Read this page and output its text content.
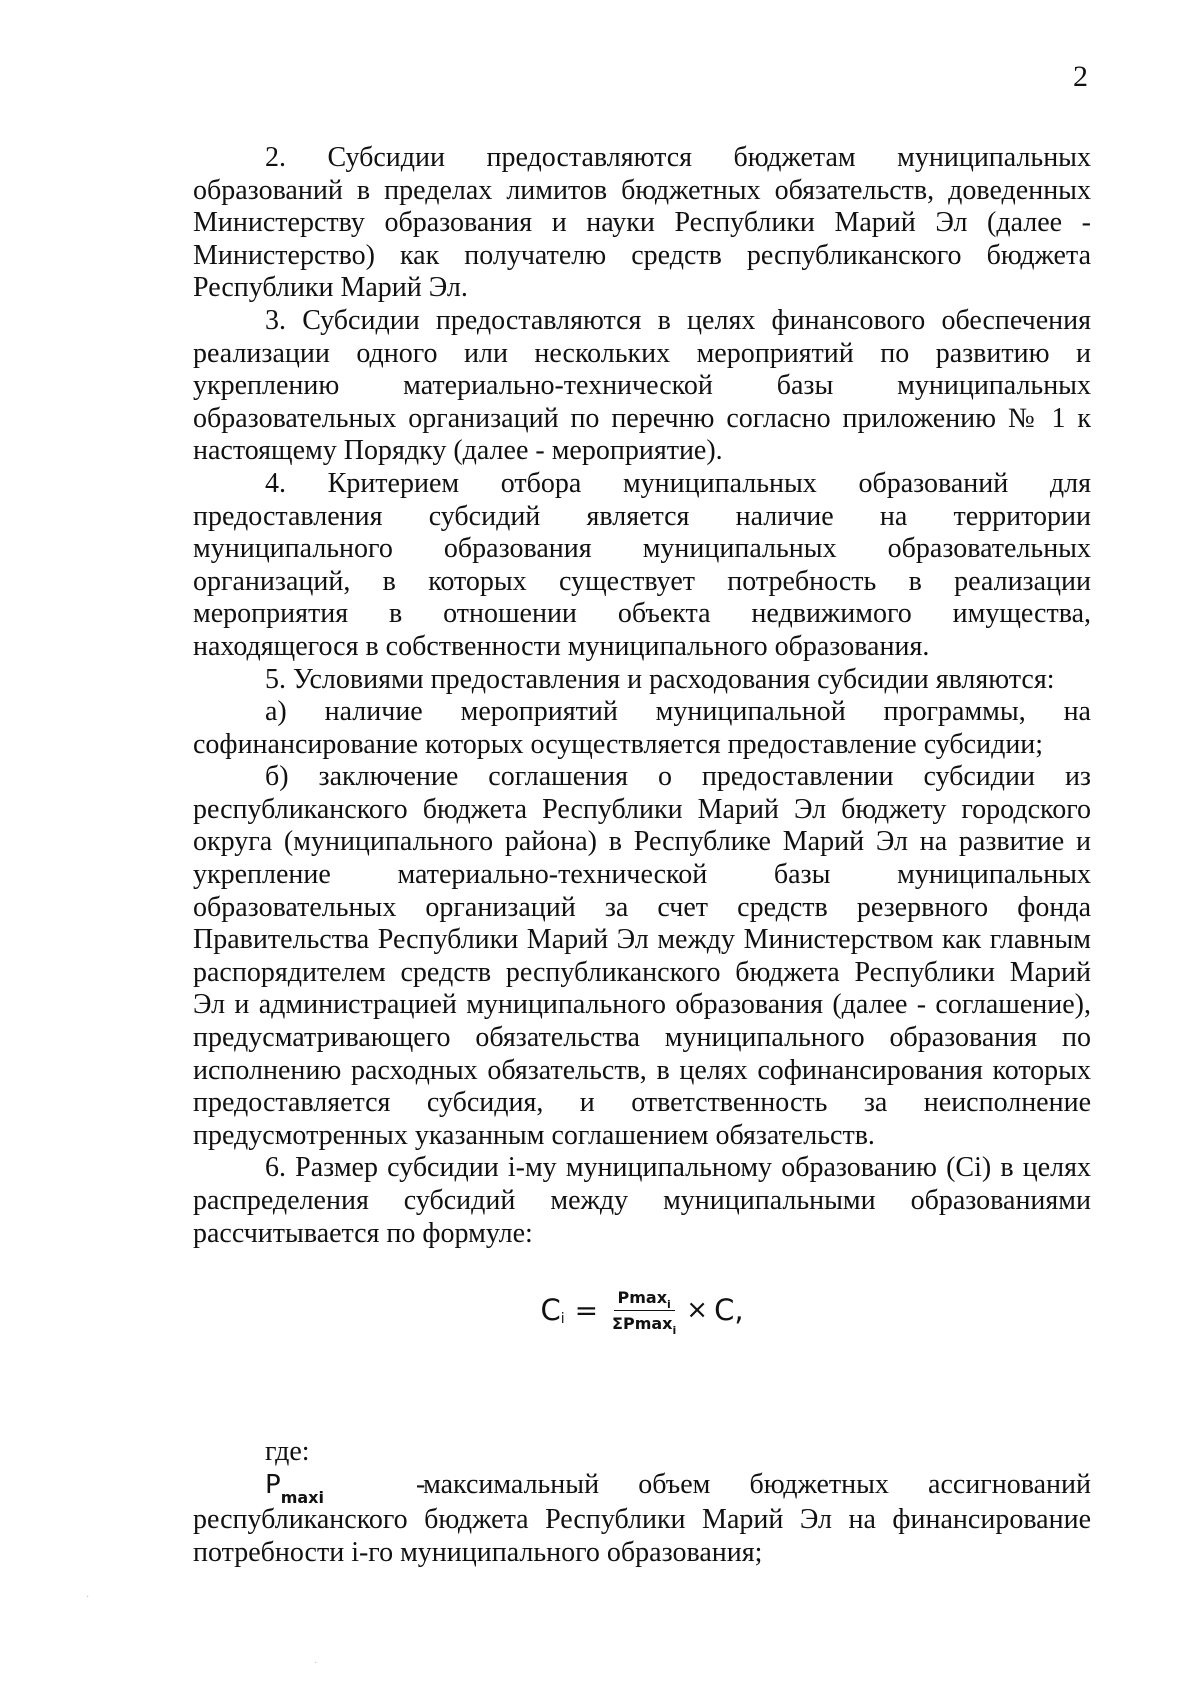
2

2. Субсидии предоставляются бюджетам муниципальных образований в пределах лимитов бюджетных обязательств, доведенных Министерству образования и науки Республики Марий Эл (далее - Министерство) как получателю средств республиканского бюджета Республики Марий Эл.

3. Субсидии предоставляются в целях финансового обеспечения реализации одного или нескольких мероприятий по развитию и укреплению материально-технической базы муниципальных образовательных организаций по перечню согласно приложению № 1 к настоящему Порядку (далее - мероприятие).

4. Критерием отбора муниципальных образований для предоставления субсидий является наличие на территории муниципального образования муниципальных образовательных организаций, в которых существует потребность в реализации мероприятия в отношении объекта недвижимого имущества, находящегося в собственности муниципального образования.

5. Условиями предоставления и расходования субсидии являются:

а) наличие мероприятий муниципальной программы, на софинансирование которых осуществляется предоставление субсидии;

б) заключение соглашения о предоставлении субсидии из республиканского бюджета Республики Марий Эл бюджету городского округа (муниципального района) в Республике Марий Эл на развитие и укрепление материально-технической базы муниципальных образовательных организаций за счет средств резервного фонда Правительства Республики Марий Эл между Министерством как главным распорядителем средств республиканского бюджета Республики Марий Эл и администрацией муниципального образования (далее - соглашение), предусматривающего обязательства муниципального образования по исполнению расходных обязательств, в целях софинансирования которых предоставляется субсидия, и ответственность за неисполнение предусмотренных указанным соглашением обязательств.

6. Размер субсидии i-му муниципальному образованию (Ci) в целях распределения субсидий между муниципальными образованиями рассчитывается по формуле:

C $i = \frac{Pmax_i}{\Sigma Pmax_i} \times C$,

где:

$P_{maxi}$	- максимальный объем бюджетных ассигнований республиканского бюджета Республики Марий Эл на финансирование потребности i-го муниципального образования;

·
·
